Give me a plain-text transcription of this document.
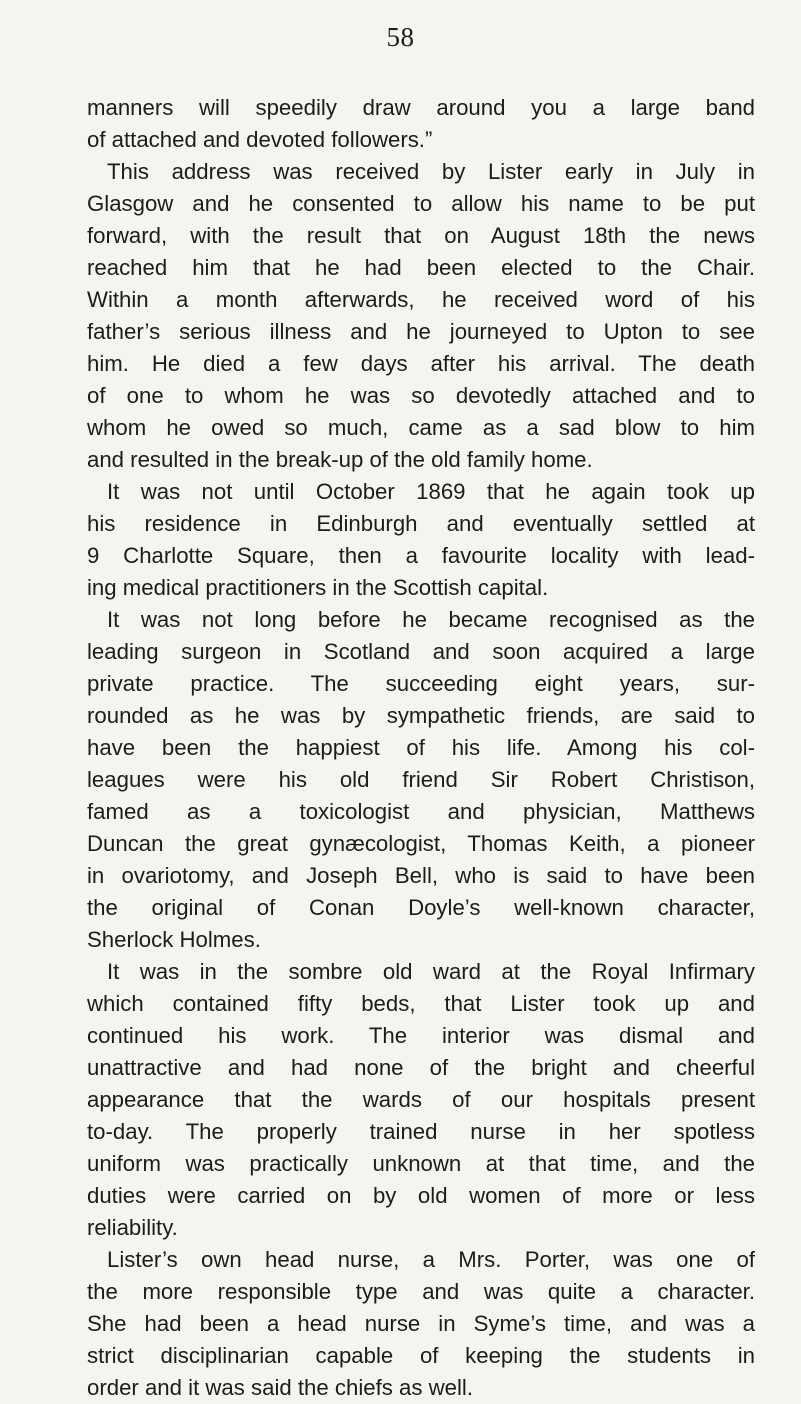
58
manners will speedily draw around you a large band
of attached and devoted followers.”
This address was received by Lister early in July in
Glasgow and he consented to allow his name to be put
forward, with the result that on August 18th the news
reached him that he had been elected to the Chair.
Within a month afterwards, he received word of his
father’s serious illness and he journeyed to Upton to see
him. He died a few days after his arrival. The death
of one to whom he was so devotedly attached and to
whom he owed so much, came as a sad blow to him
and resulted in the break-up of the old family home.
It was not until October 1869 that he again took up
his residence in Edinburgh and eventually settled at
9 Charlotte Square, then a favourite locality with lead-
ing medical practitioners in the Scottish capital.
It was not long before he became recognised as the
leading surgeon in Scotland and soon acquired a large
private practice. The succeeding eight years, sur-
rounded as he was by sympathetic friends, are said to
have been the happiest of his life. Among his col-
leagues were his old friend Sir Robert Christison,
famed as a toxicologist and physician, Matthews
Duncan the great gynæcologist, Thomas Keith, a pioneer
in ovariotomy, and Joseph Bell, who is said to have been
the original of Conan Doyle’s well-known character,
Sherlock Holmes.
It was in the sombre old ward at the Royal Infirmary
which contained fifty beds, that Lister took up and
continued his work. The interior was dismal and
unattractive and had none of the bright and cheerful
appearance that the wards of our hospitals present
to-day. The properly trained nurse in her spotless
uniform was practically unknown at that time, and the
duties were carried on by old women of more or less
reliability.
Lister’s own head nurse, a Mrs. Porter, was one of
the more responsible type and was quite a character.
She had been a head nurse in Syme’s time, and was a
strict disciplinarian capable of keeping the students in
order and it was said the chiefs as well.
